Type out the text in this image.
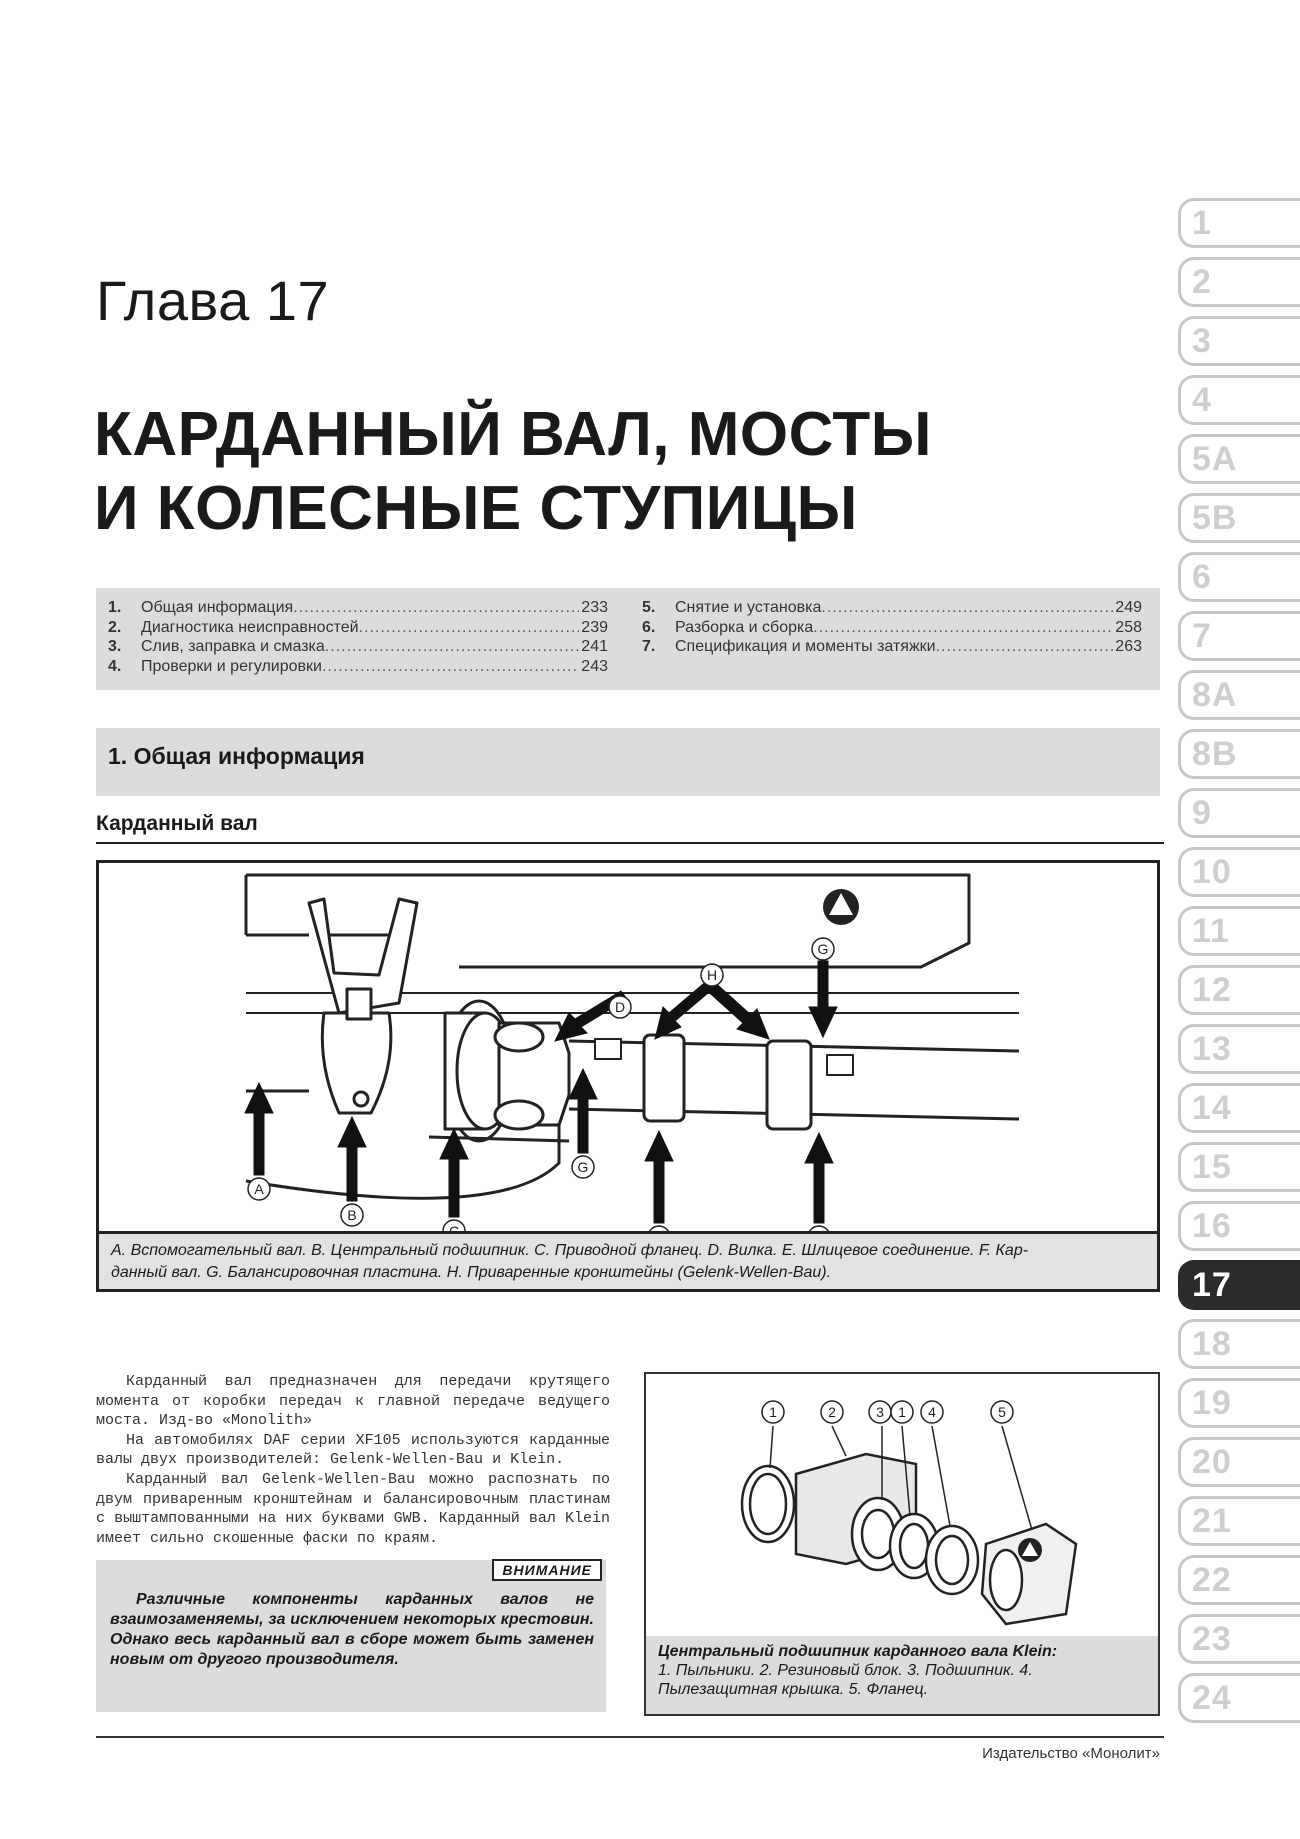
Глава 17
КАРДАННЫЙ ВАЛ, МОСТЫ
И КОЛЕСНЫЕ СТУПИЦЫ
1.	Общая информация .....	233
2.	Диагностика неисправностей .....	239
3.	Слив, заправка и смазка .....	241
4.	Проверки и регулировки .....	243
5.	Снятие и установка .....	249
6.	Разборка и сборка .....	258
7.	Спецификация и моменты затяжки .....	263
1. Общая информация
Карданный вал
A
B
D
G
G
H
A. Вспомогательный вал. B. Центральный подшипник. C. Приводной фланец. D. Вилка. E. Шлицевое соединение. F. Кар-
данный вал. G. Балансировочная пластина. H. Приваренные кронштейны (Gelenk-Wellen-Bau).

Карданный вал предназначен для передачи крутящего момента от коробки передач к главной передаче ведущего моста. Изд-во «Monolith»

На автомобилях DAF серии XF105 используются карданные валы двух производителей: Gelenk-Wellen-Bau и Klein.

Карданный вал Gelenk-Wellen-Bau можно распознать по двум приваренным кронштейнам и балансировочным пластинам с выштампованными на них буквами GWB. Карданный вал Klein имеет сильно скошенные фаски по краям.

ВНИМАНИЕ
Различные компоненты карданных валов не взаимозаменяемы, за исключением некоторых крестовин. Однако весь карданный вал в сборе может быть заменен новым от другого производителя.
1	2	3 1 4	5
Центральный подшипник карданного вала Klein:
1. Пыльники. 2. Резиновый блок. 3. Подшипник. 4. Пылезащитная крышка. 5. Фланец.
Издательство «Монолит»
1
2
3
4
5A
5B
6
7
8A
8B
9
10
11
12
13
14
15
16
17
18
19
20
21
22
23
24
